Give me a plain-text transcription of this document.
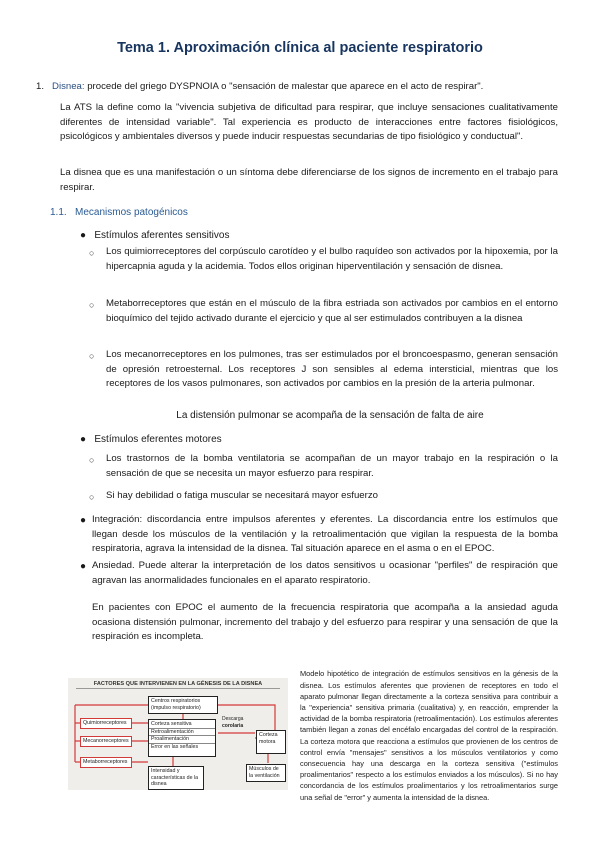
Tema 1. Aproximación clínica al paciente respiratorio
1. Disnea: procede del griego DYSPNOIA o "sensación de malestar que aparece en el acto de respirar".

La ATS la define como la "vivencia subjetiva de dificultad para respirar, que incluye sensaciones cualitativamente diferentes de intensidad variable". Tal experiencia es producto de interacciones entre factores fisiológicos, psicológicos y ambientales diversos y puede inducir respuestas secundarias de tipo fisiológico y conductual".

La disnea que es una manifestación o un síntoma debe diferenciarse de los signos de incremento en el trabajo para respirar.

1.1. Mecanismos patogénicos
● Estímulos aferentes sensitivos
○ Los quimiorreceptores del corpúsculo carotídeo y el bulbo raquídeo son activados por la hipoxemia, por la hipercapnia aguda y la acidemia. Todos ellos originan hiperventilación y sensación de disnea.

○ Metaborreceptores que están en el músculo de la fibra estriada son activados por cambios en el entorno bioquímico del tejido activado durante el ejercicio y que al ser estimulados contribuyen a la disnea

○ Los mecanorreceptores en los pulmones, tras ser estimulados por el broncoespasmo, generan sensación de opresión retroesternal. Los receptores J son sensibles al edema intersticial, mientras que los receptores de los vasos pulmonares, son activados por cambios en la presión de la arteria pulmonar.

La distensión pulmonar se acompaña de la sensación de falta de aire
● Estímulos eferentes motores
○ Los trastornos de la bomba ventilatoria se acompañan de un mayor trabajo en la respiración o la sensación de que se necesita un mayor esfuerzo para respirar.

○ Si hay debilidad o fatiga muscular se necesitará mayor esfuerzo

● Integración: discordancia entre impulsos aferentes y eferentes. La discordancia entre los estímulos que llegan desde los músculos de la ventilación y la retroalimentación que vigilan la respuesta de la bomba respiratoria, agrava la intensidad de la disnea. Tal situación aparece en el asma o en el EPOC.

● Ansiedad. Puede alterar la interpretación de los datos sensitivos u ocasionar "perfiles" de respiración que agravan las anormalidades funcionales en el aparato respiratorio.

En pacientes con EPOC el aumento de la frecuencia respiratoria que acompaña a la ansiedad aguda ocasiona distensión pulmonar, incremento del trabajo y del esfuerzo para respirar y una sensación de que la respiración es incompleta.

FACTORES QUE INTERVIENEN EN LA GÉNESIS DE LA DISNEA
Centros respiratorios (impulso respiratorio)
Quimiorreceptores
Mecanorreceptores
Metaborreceptores
Corteza sensitiva
Retroalimentación
Proalimentación
Error en las señales
Descarga
corolaria
Corteza motora
Intensidad y características de la disnea
Músculos de la ventilación

Modelo hipotético de integración de estímulos sensitivos en la génesis de la disnea. Los estímulos aferentes que provienen de receptores en todo el aparato pulmonar llegan directamente a la corteza sensitiva para contribuir a la "experiencia" sensitiva primaria (cualitativa) y, en reacción, emprender la actividad de la bomba respiratoria (retroalimentación). Los estímulos aferentes también llegan a zonas del encéfalo encargadas del control de la respiración. La corteza motora que reacciona a estímulos que provienen de los centros de control envía "mensajes" sensitivos a los músculos ventilatorios y como consecuencia hay una descarga en la corteza sensitiva ("estímulos proalimentarios" respecto a los estímulos enviados a los músculos). Si no hay concordancia de los estímulos proalimentarios y los retroalimentarios surge una señal de "error" y aumenta la intensidad de la disnea.
